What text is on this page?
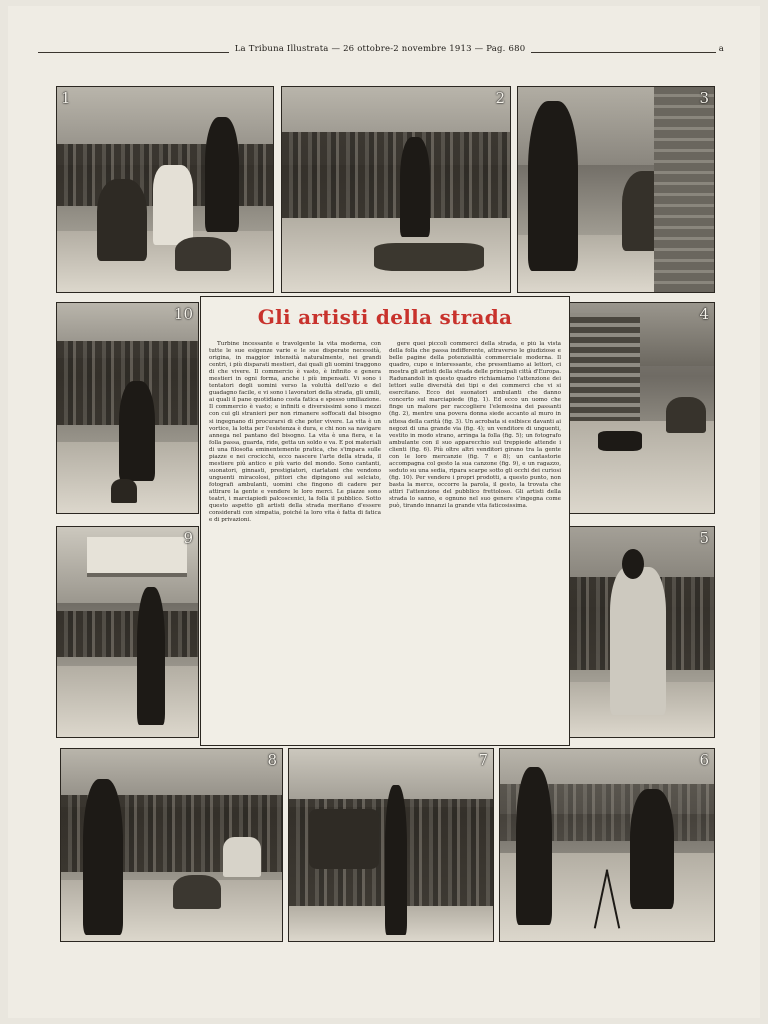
La Tribuna Illustrata — 26 ottobre-2 novembre 1913 — Pag. 680	a
1	2	3
10	4
9	5
8	7	6
Gli artisti della strada

Turbine incessante e travolgente la vita moderna, con tutte le sue esigenze varie e le sue disperate necessità, origina, in maggior intensità naturalmente, nei grandi centri, i più disparati mestieri, dai quali gli uomini traggono di che vivere. Il commercio è vasto, è infinito e genera mestieri in ogni forma, anche i più impensati. Vi sono i tentatori degli uomini verso la voluttà dell'ozio e del guadagno facile, e vi sono i lavoratori della strada, gli umili, ai quali il pane quotidiano costa fatica e spesso umiliazione. Il commercio è vasto; e infiniti e diversissimi sono i mezzi con cui gli stranieri per non rimanere soffocati dal bisogno si ingegnano di procurarsi di che poter vivere. La vita è un vortice, la lotta per l'esistenza è dura, e chi non sa navigare annega nel pantano del bisogno. La vita è una fiera, e la folla passa, guarda, ride, getta un soldo e va. E poi materiali di una filosofia eminentemente pratica, che s'impara sulle piazze e nei crocicchi, ecco nascere l'arte della strada, il mestiere più antico e più vario del mondo. Sono cantanti, suonatori, ginnasti, prestigiatori, ciarlatani che vendono unguenti miracolosi, pittori che dipingono sul selciato, fotografi ambulanti, uomini che fingono di cadere per attirare la gente e vendere le loro merci. Le piazze sono teatri, i marciapiedi palcoscenici, la folla il pubblico. Sotto questo aspetto gli artisti della strada meritano d'essere considerati con simpatia, poiché la loro vita è fatta di fatica e di privazioni.

gere quei piccoli commerci della strada, e più la vista della folla che passa indifferente, attraverso le giudiziose e belle pagine della potenzialità commerciale moderna. Il quadro, cupo e interessante, che presentiamo ai lettori, ci mostra gli artisti della strada delle principali città d'Europa. Radunandoli in questo quadro richiamiamo l'attenzione dei lettori sulle diversità dei tipi e dei commerci che vi si esercitano. Ecco dei suonatori ambulanti che danno concerto sul marciapiede (fig. 1). Ed ecco un uomo che finge un malore per raccogliere l'elemosina dei passanti (fig. 2), mentre una povera donna siede accanto al muro in attesa della carità (fig. 3). Un acrobata si esibisce davanti ai negozi di una grande via (fig. 4); un venditore di unguenti, vestito in modo strano, arringa la folla (fig. 5); un fotografo ambulante con il suo apparecchio sul treppiede attende i clienti (fig. 6). Più oltre altri venditori girano tra la gente con le loro mercanzie (fig. 7 e 8); un cantastorie accompagna col gesto la sua canzone (fig. 9), e un ragazzo, seduto su una sedia, ripara scarpe sotto gli occhi dei curiosi (fig. 10). Per vendere i propri prodotti, a questo punto, non basta la merce, occorre la parola, il gesto, la trovata che attiri l'attenzione del pubblico frettoloso. Gli artisti della strada lo sanno, e ognuno nel suo genere s'ingegna come può, tirando innanzi la grande vita faticosissima.
